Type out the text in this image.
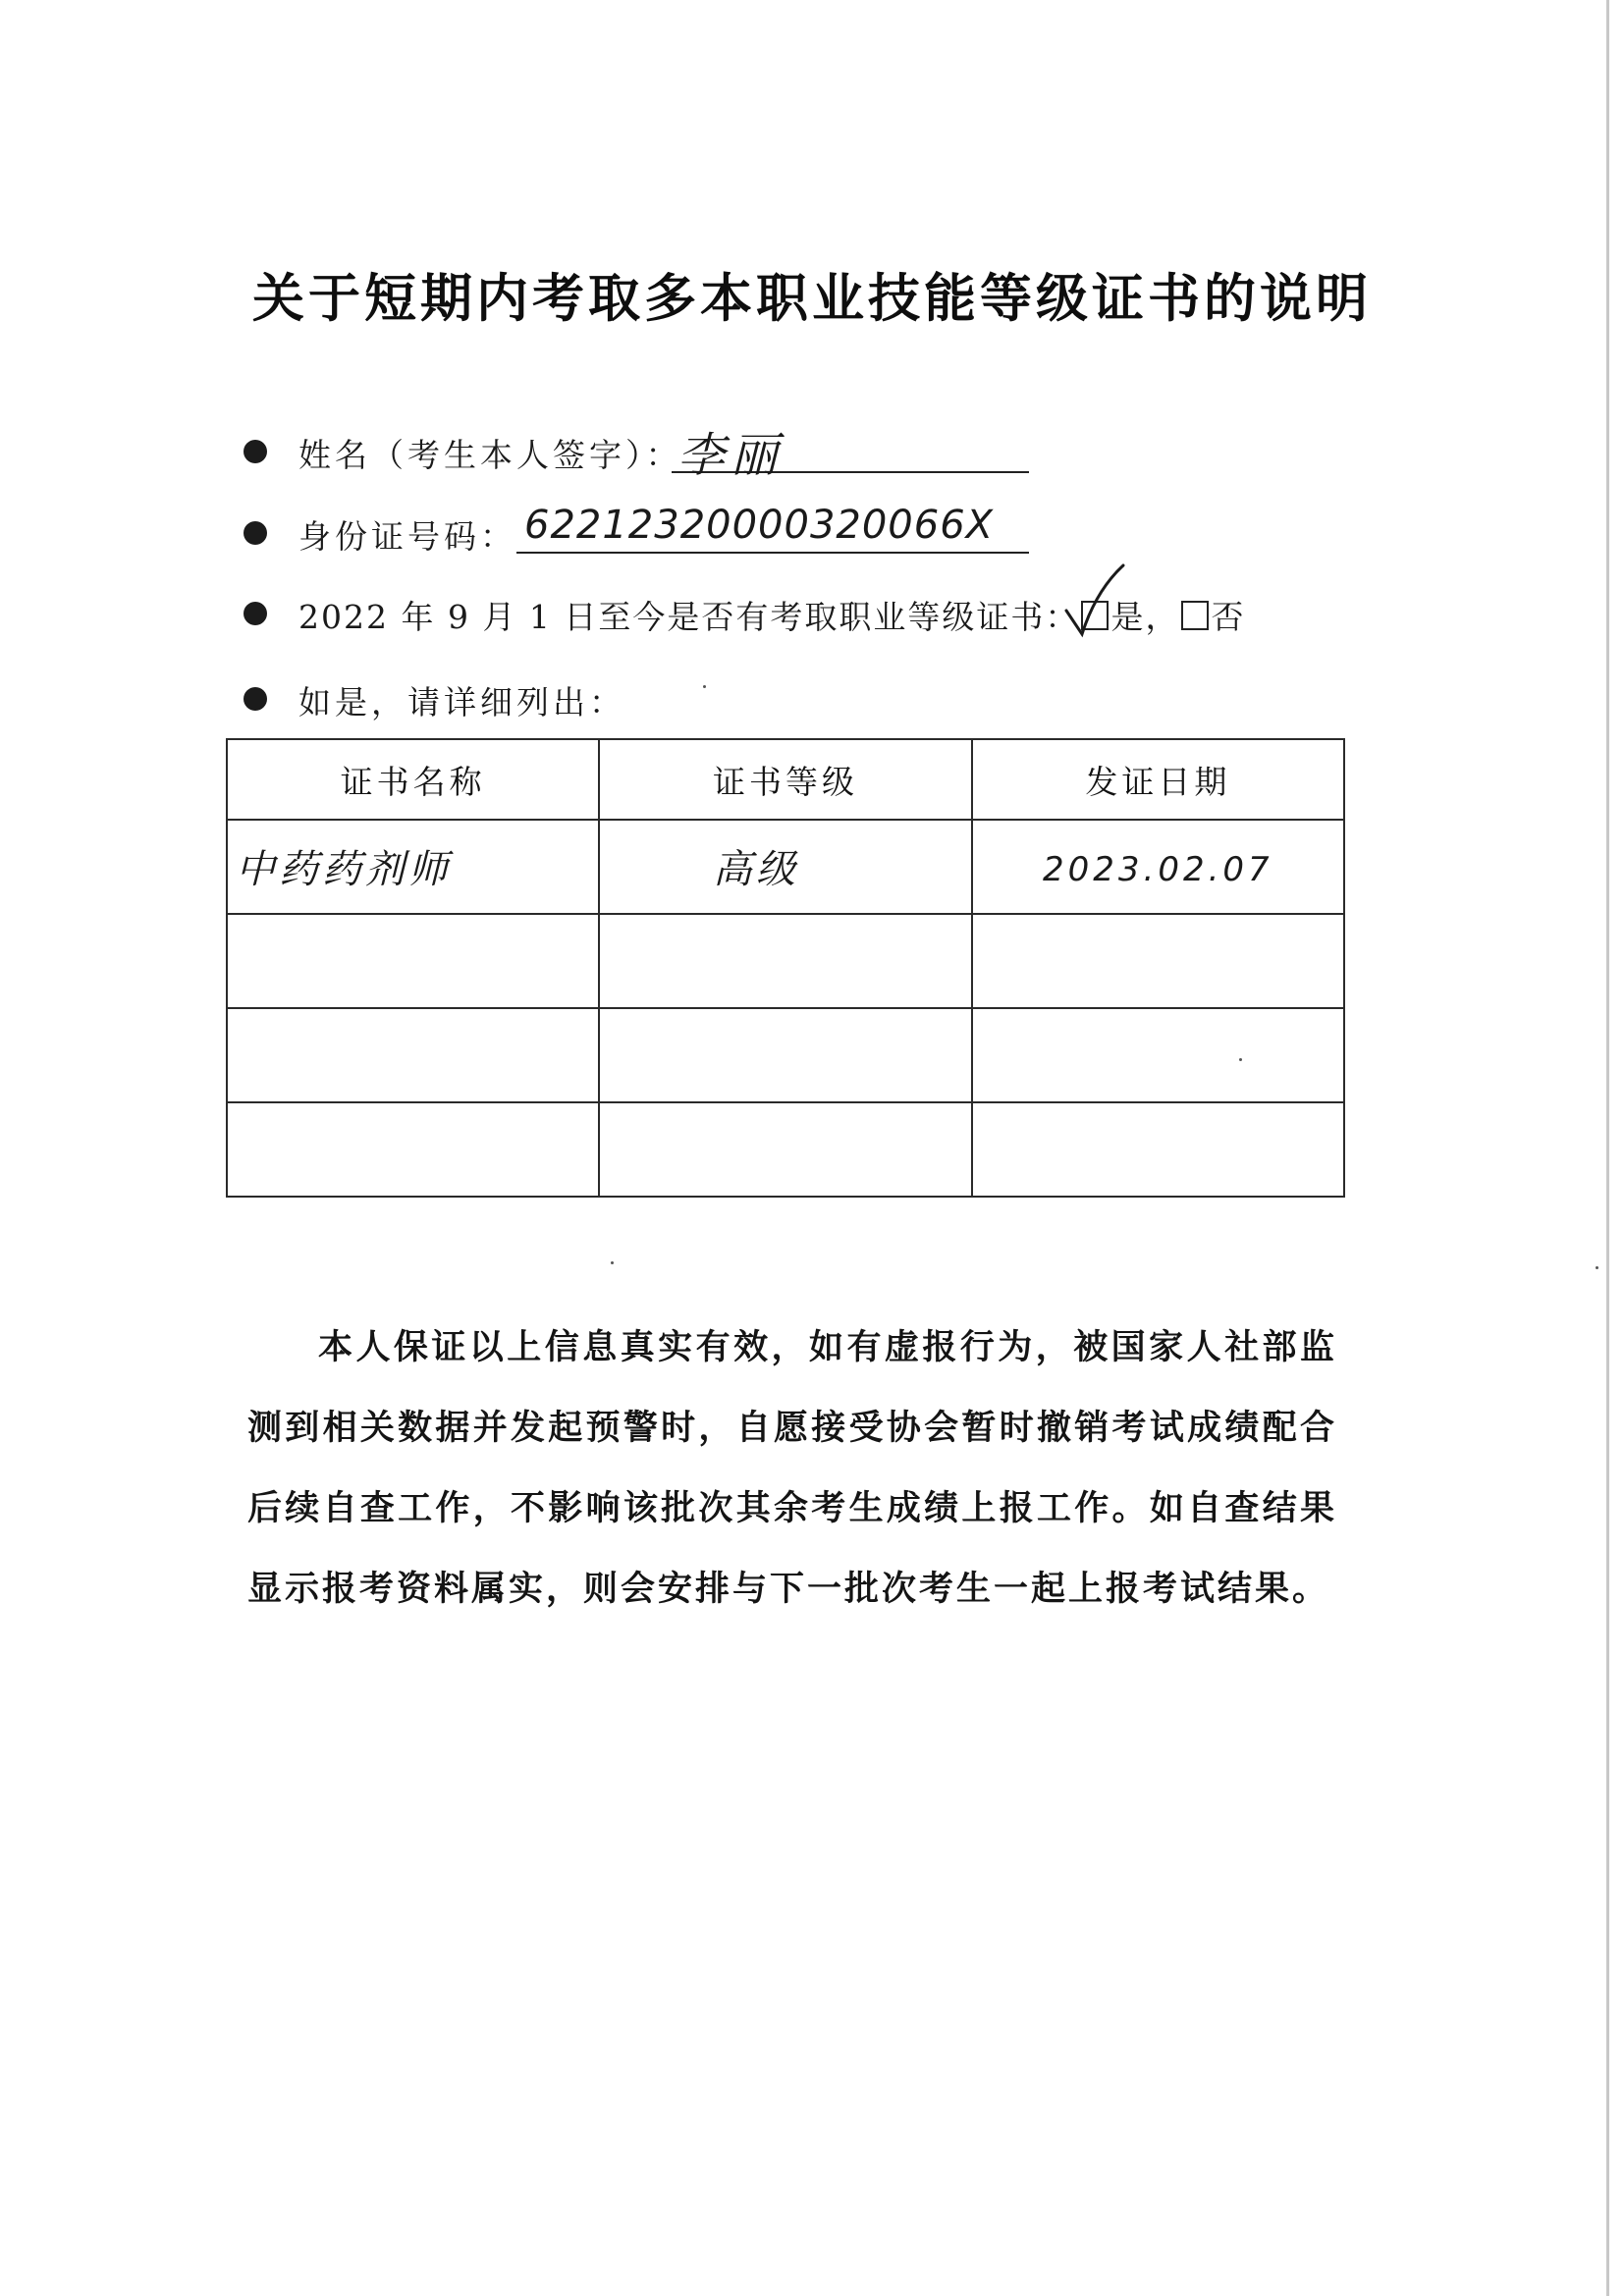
关于短期内考取多本职业技能等级证书的说明
姓名（考生本人签字）：
李丽
身份证号码： 62212320000320066X
2022 年 9 月 1 日至今是否有考取职业等级证书： 是， 否
如是，请详细列出：
证书名称	证书等级	发证日期

中药药剂师	高级	2023.02.07

本人保证以上信息真实有效，如有虚报行为，被国家人社部监测到相关数据并发起预警时，自愿接受协会暂时撤销考试成绩配合后续自查工作，不影响该批次其余考生成绩上报工作。如自查结果显示报考资料属实，则会安排与下一批次考生一起上报考试结果。
